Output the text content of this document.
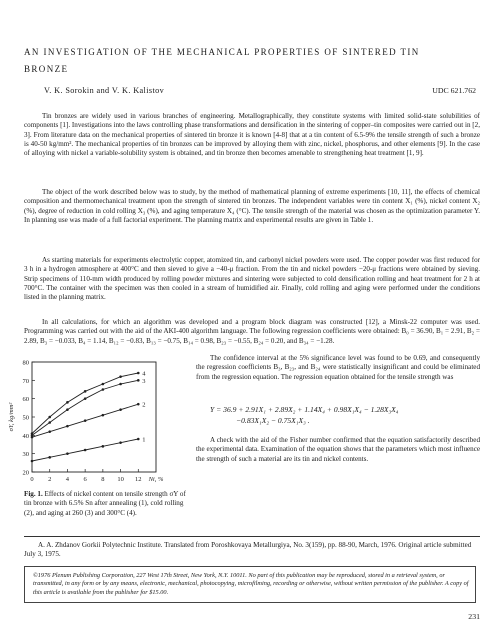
AN INVESTIGATION OF THE MECHANICAL PROPERTIES OF SINTERED TIN BRONZE
V. K. Sorokin and V. K. Kalistov	UDC 621.762

Tin bronzes are widely used in various branches of engineering. Metallographically, they constitute systems with limited solid-state solubilities of components [1]. Investigations into the laws controlling phase transformations and densification in the sintering of copper–tin composites were carried out in [2, 3]. From literature data on the mechanical properties of sintered tin bronze it is known [4-8] that at a tin content of 6.5-9% the tensile strength of such a bronze is 40-50 kg/mm². The mechanical properties of tin bronzes can be improved by alloying them with zinc, nickel, phosphorus, and other elements [9]. In the case of alloying with nickel a variable-solubility system is obtained, and tin bronze then becomes amenable to strengthening heat treatment [1, 9].

The object of the work described below was to study, by the method of mathematical planning of extreme experiments [10, 11], the effects of chemical composition and thermomechanical treatment upon the strength of sintered tin bronzes. The independent variables were tin content X₁ (%), nickel content X₂ (%), degree of reduction in cold rolling X₃ (%), and aging temperature X₄ (°C). The tensile strength of the material was chosen as the optimization parameter Y. In planning use was made of a full factorial experiment. The planning matrix and experimental results are given in Table 1.

As starting materials for experiments electrolytic copper, atomized tin, and carbonyl nickel powders were used. The copper powder was first reduced for 3 h in a hydrogen atmosphere at 400°C and then sieved to give a −40-μ fraction. From the tin and nickel powders −20-μ fractions were obtained by sieving. Strip specimens of 110-mm width produced by rolling powder mixtures and sintering were subjected to cold densification rolling and heat treatment for 2 h at 700°C. The container with the specimen was then cooled in a stream of humidified air. Finally, cold rolling and aging were performed under the conditions listed in the planning matrix.

In all calculations, for which an algorithm was developed and a program block diagram was constructed [12], a Minsk-22 computer was used. Programming was carried out with the aid of the AKI-400 algorithm language. The following regression coefficients were obtained: B₀ = 36.90, B₁ = 2.91, B₂ = 2.89, B₃ = −0.033, B₄ = 1.14, B₁₂ = −0.83, B₁₃ = −0.75, B₁₄ = 0.98, B₂₃ = −0.55, B₂₄ = 0.20, and B₃₄ = −1.28.

20
30
40
50
60
70
80
0 2 4 6 8 10 12 Ni, %
σY, kg/mm²
1
2
3
4

Fig. 1. Effects of nickel content on tensile strength σY of tin bronze with 6.5% Sn after annealing (1), cold rolling (2), and aging at 260 (3) and 300°C (4).

The confidence interval at the 5% significance level was found to be 0.69, and consequently the regression coefficients B₃, B₂₃, and B₂₄ were statistically insignificant and could be eliminated from the regression equation. The regression equation obtained for the tensile strength was

Y = 36.9 + 2.91X₁ + 2.89X₂ + 1.14X₄ + 0.98X₁X₄ − 1.28X₃X₄
−0.83X₁X₂ − 0.75X₁X₃ .

A check with the aid of the Fisher number confirmed that the equation satisfactorily described the experimental data. Examination of the equation shows that the parameters which most influence the strength of such a material are its tin and nickel contents.

A. A. Zhdanov Gorkii Polytechnic Institute. Translated from Poroshkovaya Metallurgiya, No. 3(159), pp. 88-90, March, 1976. Original article submitted July 3, 1975.

©1976 Plenum Publishing Corporation, 227 West 17th Street, New York, N.Y. 10011. No part of this publication may be reproduced, stored in a retrieval system, or transmitted, in any form or by any means, electronic, mechanical, photocopying, microfilming, recording or otherwise, without written permission of the publisher. A copy of this article is available from the publisher for $15.00.
231
